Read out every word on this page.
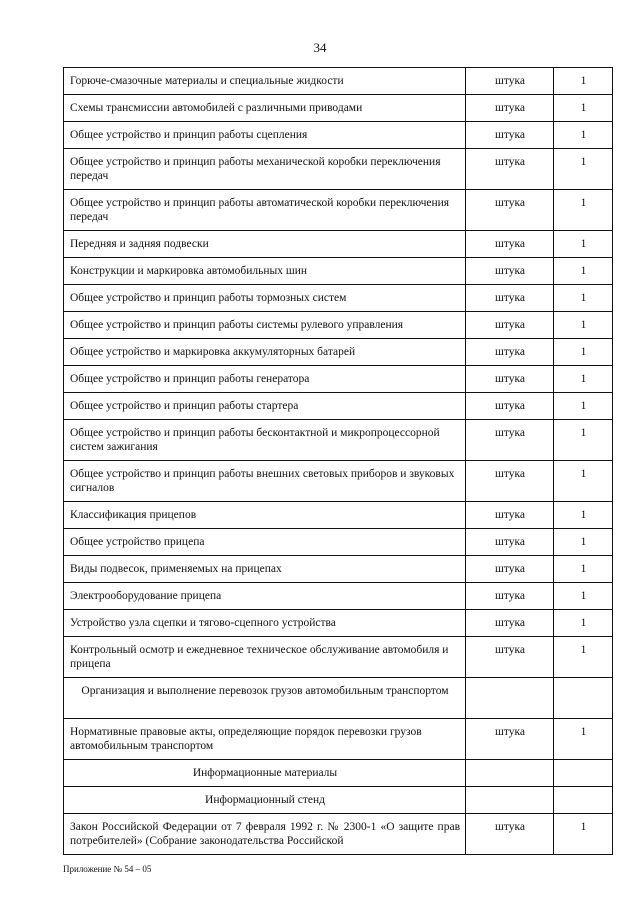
34
Горюче-смазочные материалы и специальные жидкости	штука	1
Схемы трансмиссии автомобилей с различными приводами	штука	1
Общее устройство и принцип работы сцепления	штука	1
Общее устройство и принцип работы механической коробки переключения передач	штука	1
Общее устройство и принцип работы автоматической коробки переключения передач	штука	1
Передняя и задняя подвески	штука	1
Конструкции и маркировка автомобильных шин	штука	1
Общее устройство и принцип работы тормозных систем	штука	1
Общее устройство и принцип работы системы рулевого управления	штука	1
Общее устройство и маркировка аккумуляторных батарей	штука	1
Общее устройство и принцип работы генератора	штука	1
Общее устройство и принцип работы стартера	штука	1
Общее устройство и принцип работы бесконтактной и микропроцессорной систем зажигания	штука	1
Общее устройство и принцип работы внешних световых приборов и звуковых сигналов	штука	1
Классификация прицепов	штука	1
Общее устройство прицепа	штука	1
Виды подвесок, применяемых на прицепах	штука	1
Электрооборудование прицепа	штука	1
Устройство узла сцепки и тягово-сцепного устройства	штука	1
Контрольный осмотр и ежедневное техническое обслуживание автомобиля и прицепа	штука	1
Организация и выполнение перевозок грузов автомобильным транспортом		
Нормативные правовые акты, определяющие порядок перевозки грузов автомобильным транспортом	штука	1
Информационные материалы		
Информационный стенд		
Закон Российской Федерации от 7 февраля 1992 г. № 2300-1 «О защите прав потребителей» (Собрание законодательства Российской	штука	1
Приложение № 54 – 05
